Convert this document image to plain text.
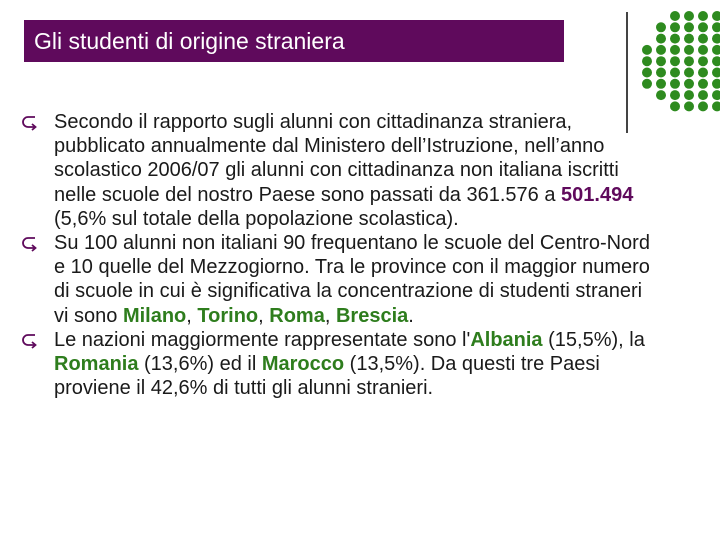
Gli studenti di origine straniera
Secondo il rapporto sugli alunni con cittadinanza straniera, pubblicato annualmente dal Ministero dell’Istruzione, nell’anno scolastico 2006/07 gli alunni con cittadinanza non italiana iscritti nelle scuole del nostro Paese sono passati da 361.576 a 501.494 (5,6% sul totale della popolazione scolastica).
Su 100 alunni non italiani 90 frequentano le scuole del Centro-Nord e 10 quelle del Mezzogiorno. Tra le province con il maggior numero di scuole in cui è significativa la concentrazione di studenti straneri vi sono Milano, Torino, Roma, Brescia.
Le nazioni maggiormente rappresentate sono l'Albania (15,5%), la Romania (13,6%) ed il Marocco (13,5%). Da questi tre Paesi proviene il 42,6% di tutti gli alunni stranieri.
